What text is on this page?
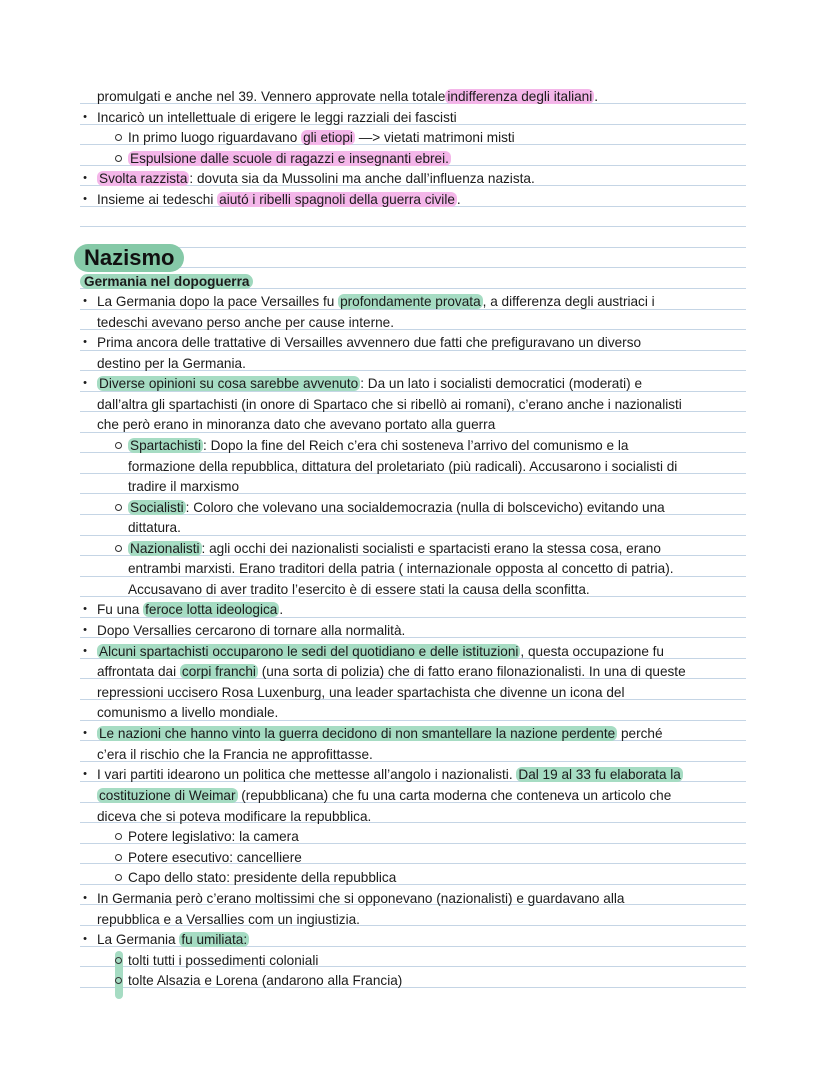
promulgati e anche nel 39. Vennero approvate nella totale indifferenza degli italiani .
• Incaricò un intellettuale di erigere le leggi razziali dei fascisti
In primo luogo riguardavano gli etiopi —> vietati matrimoni misti
Espulsione dalle scuole di ragazzi e insegnanti ebrei.
• Svolta razzista : dovuta sia da Mussolini ma anche dall’influenza nazista.
• Insieme ai tedeschi aiutó i ribelli spagnoli della guerra civile .
Nazismo
Germania nel dopoguerra
• La Germania dopo la pace Versailles fu profondamente provata , a differenza degli austriaci i
tedeschi avevano perso anche per cause interne.
• Prima ancora delle trattative di Versailles avvennero due fatti che prefiguravano un diverso
destino per la Germania.
• Diverse opinioni su cosa sarebbe avvenuto : Da un lato i socialisti democratici (moderati) e
dall’altra gli spartachisti (in onore di Spartaco che si ribellò ai romani), c’erano anche i nazionalisti
che però erano in minoranza dato che avevano portato alla guerra
Spartachisti : Dopo la fine del Reich c’era chi sosteneva l’arrivo del comunismo e la
formazione della repubblica, dittatura del proletariato (più radicali). Accusarono i socialisti di
tradire il marxismo
Socialisti : Coloro che volevano una socialdemocrazia (nulla di bolscevicho) evitando una
dittatura.
Nazionalisti : agli occhi dei nazionalisti socialisti e spartacisti erano la stessa cosa, erano
entrambi marxisti. Erano traditori della patria ( internazionale opposta al concetto di patria).
Accusavano di aver tradito l’esercito è di essere stati la causa della sconfitta.
• Fu una feroce lotta ideologica .
• Dopo Versallies cercarono di tornare alla normalità.
• Alcuni spartachisti occuparono le sedi del quotidiano e delle istituzioni , questa occupazione fu
affrontata dai corpi franchi (una sorta di polizia) che di fatto erano filonazionalisti. In una di queste
repressioni uccisero Rosa Luxenburg, una leader spartachista che divenne un icona del
comunismo a livello mondiale.
• Le nazioni che hanno vinto la guerra decidono di non smantellare la nazione perdente perché
c’era il rischio che la Francia ne approfittasse.
• I vari partiti idearono un politica che mettesse all’angolo i nazionalisti. Dal 19 al 33 fu elaborata la
costituzione di Weimar (repubblicana) che fu una carta moderna che conteneva un articolo che
diceva che si poteva modificare la repubblica.
Potere legislativo: la camera
Potere esecutivo: cancelliere
Capo dello stato: presidente della repubblica
• In Germania però c’erano moltissimi che si opponevano (nazionalisti) e guardavano alla
repubblica e a Versallies com un ingiustizia.
• La Germania fu umiliata:
tolti tutti i possedimenti coloniali
tolte Alsazia e Lorena (andarono alla Francia)
